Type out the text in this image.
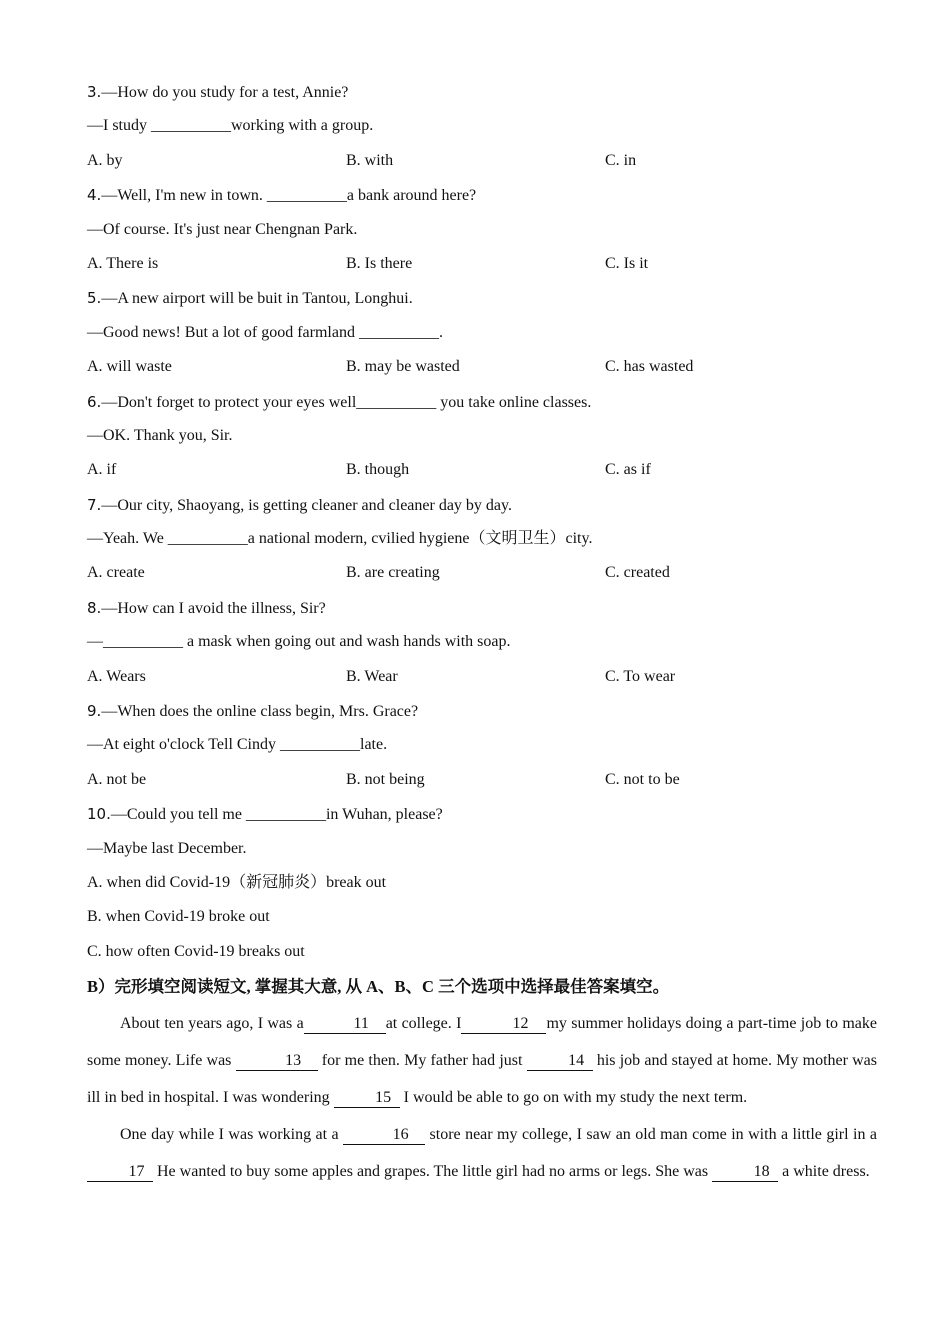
3.—How do you study for a test, Annie?
—I study __________working with a group.
A. by	B. with	C. in
4.—Well, I'm new in town. __________a bank around here?
—Of course. It's just near Chengnan Park.
A. There is	B. Is there	C. Is it
5.—A new airport will be buit in Tantou, Longhui.
—Good news! But a lot of good farmland __________.
A. will waste	B. may be wasted	C. has wasted
6.—Don't forget to protect your eyes well__________ you take online classes.
—OK. Thank you, Sir.
A. if	B. though	C. as if
7.—Our city, Shaoyang, is getting cleaner and cleaner day by day.
—Yeah. We __________a national modern, cvilied hygiene（文明卫生）city.
A. create	B. are creating	C. created
8.—How can I avoid the illness, Sir?
—__________ a mask when going out and wash hands with soap.
A. Wears	B. Wear	C. To wear
9.—When does the online class begin, Mrs. Grace?
—At eight o'clock Tell Cindy __________late.
A. not be	B. not being	C. not to be
10.—Could you tell me __________in Wuhan, please?
—Maybe last December.
A. when did Covid-19（新冠肺炎）break out
B. when Covid-19 broke out
C. how often Covid-19 breaks out
B）完形填空阅读短文, 掌握其大意, 从 A、B、C 三个选项中选择最佳答案填空。
About ten years ago, I was a	11 at college. I	12 my summer holidays doing a part-time job to make some money. Life was	13 for me then. My father had just	14 his job and stayed at home. My mother was ill in bed in hospital. I was wondering	15 I would be able to go on with my study the next term.
One day while I was working at a	16 store near my college, I saw an old man come in with a little girl in a 17 He wanted to buy some apples and grapes. The little girl had no arms or legs. She was	18 a white dress.
